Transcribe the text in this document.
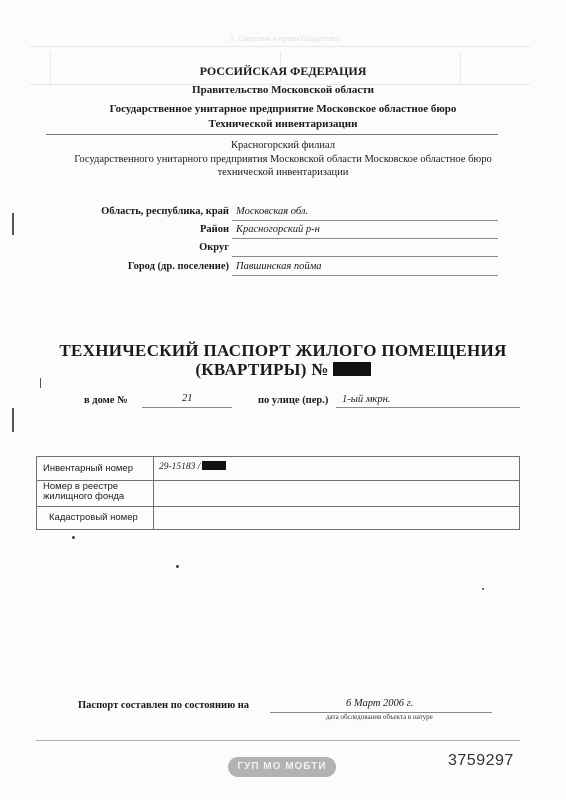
1. Сведения о правообладателях
РОССИЙСКАЯ ФЕДЕРАЦИЯ
Правительство Московской области
Государственное унитарное предприятие Московское областное бюро
Технической инвентаризации
Красногорский филиал
Государственного унитарного предприятия Московской области Московское областное бюро
технической инвентаризации
Область, республика, край Московская обл.
Район Красногорский р-н
Округ
Город (др. поселение) Павшинская пойма
ТЕХНИЧЕСКИЙ ПАСПОРТ ЖИЛОГО ПОМЕЩЕНИЯ
(КВАРТИРЫ) №
в доме №	21	по улице (пер.) 1-ый мкрн.
Инвентарный номер	29-15183 /
Номер в реестре жилищного фонда
Кадастровый номер
Паспорт составлен по состоянию на	6 Март 2006 г.
дата обследования объекта в натуре
ГУП МО МОБТИ	3759297
